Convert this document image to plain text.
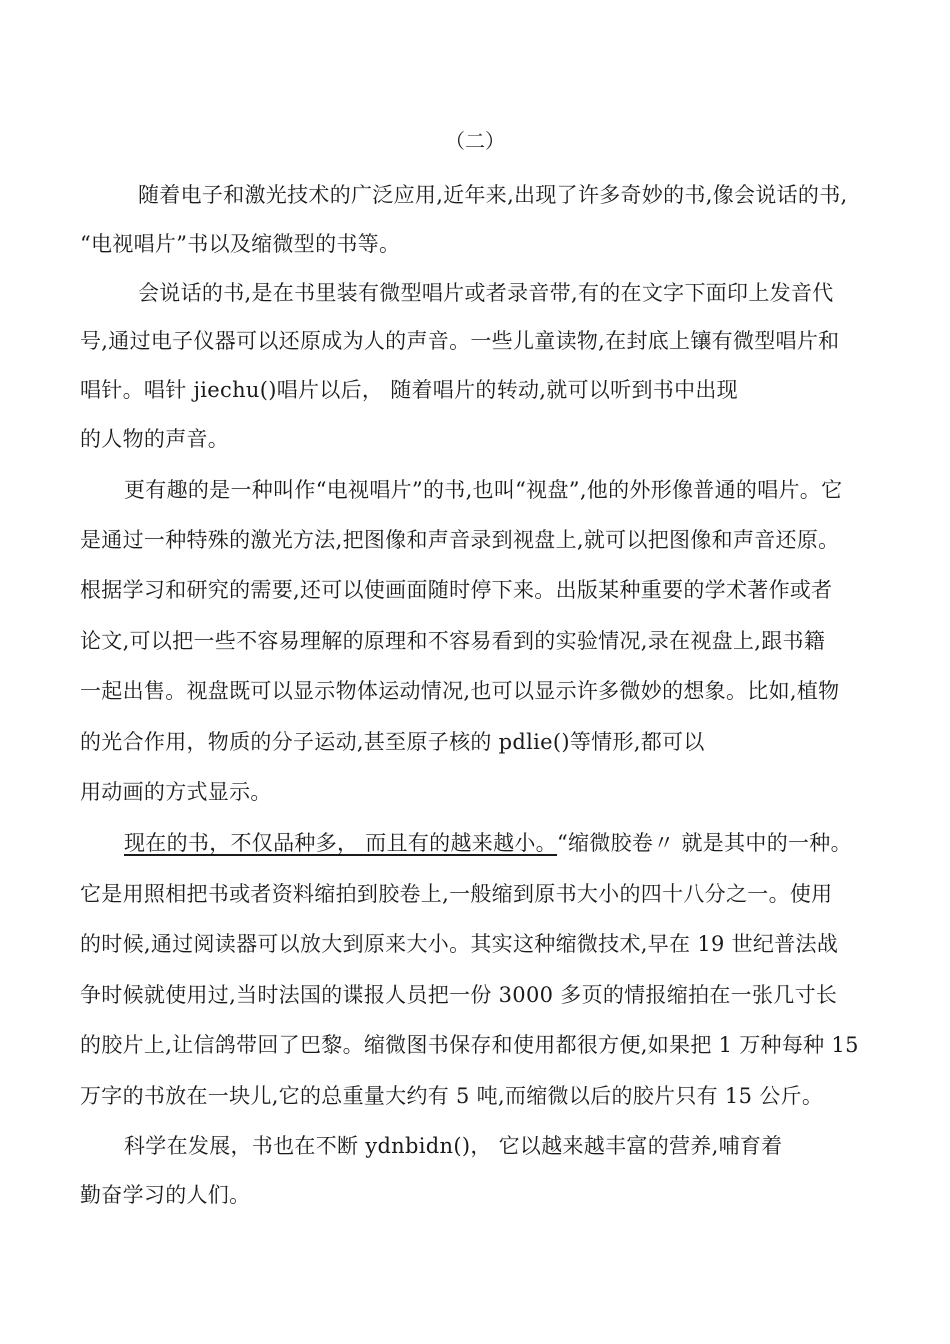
（二）
随着电子和激光技术的广泛应用,近年来,出现了许多奇妙的书,像会说话的书,
“电视唱片”书以及缩微型的书等。
会说话的书,是在书里装有微型唱片或者录音带,有的在文字下面印上发音代
号,通过电子仪器可以还原成为人的声音。一些儿童读物,在封底上镶有微型唱片和
唱针。唱针 jiechu()唱片以后， 随着唱片的转动,就可以听到书中出现
的人物的声音。
更有趣的是一种叫作“电视唱片”的书,也叫“视盘”,他的外形像普通的唱片。它
是通过一种特殊的激光方法,把图像和声音录到视盘上,就可以把图像和声音还原。
根据学习和研究的需要,还可以使画面随时停下来。出版某种重要的学术著作或者
论文,可以把一些不容易理解的原理和不容易看到的实验情况,录在视盘上,跟书籍
一起出售。视盘既可以显示物体运动情况,也可以显示许多微妙的想象。比如,植物
的光合作用，物质的分子运动,甚至原子核的 pdlie()等情形,都可以
用动画的方式显示。
现在的书，不仅品种多， 而且有的越来越小。“缩微胶卷〃 就是其中的一种。
它是用照相把书或者资料缩拍到胶卷上,一般缩到原书大小的四十八分之一。使用
的时候,通过阅读器可以放大到原来大小。其实这种缩微技术,早在 19 世纪普法战
争时候就使用过,当时法国的谍报人员把一份 3000 多页的情报缩拍在一张几寸长
的胶片上,让信鸽带回了巴黎。缩微图书保存和使用都很方便,如果把 1 万种每种 15
万字的书放在一块儿,它的总重量大约有 5 吨,而缩微以后的胶片只有 15 公斤。
科学在发展，书也在不断 ydnbidn()， 它以越来越丰富的营养,哺育着
勤奋学习的人们。
